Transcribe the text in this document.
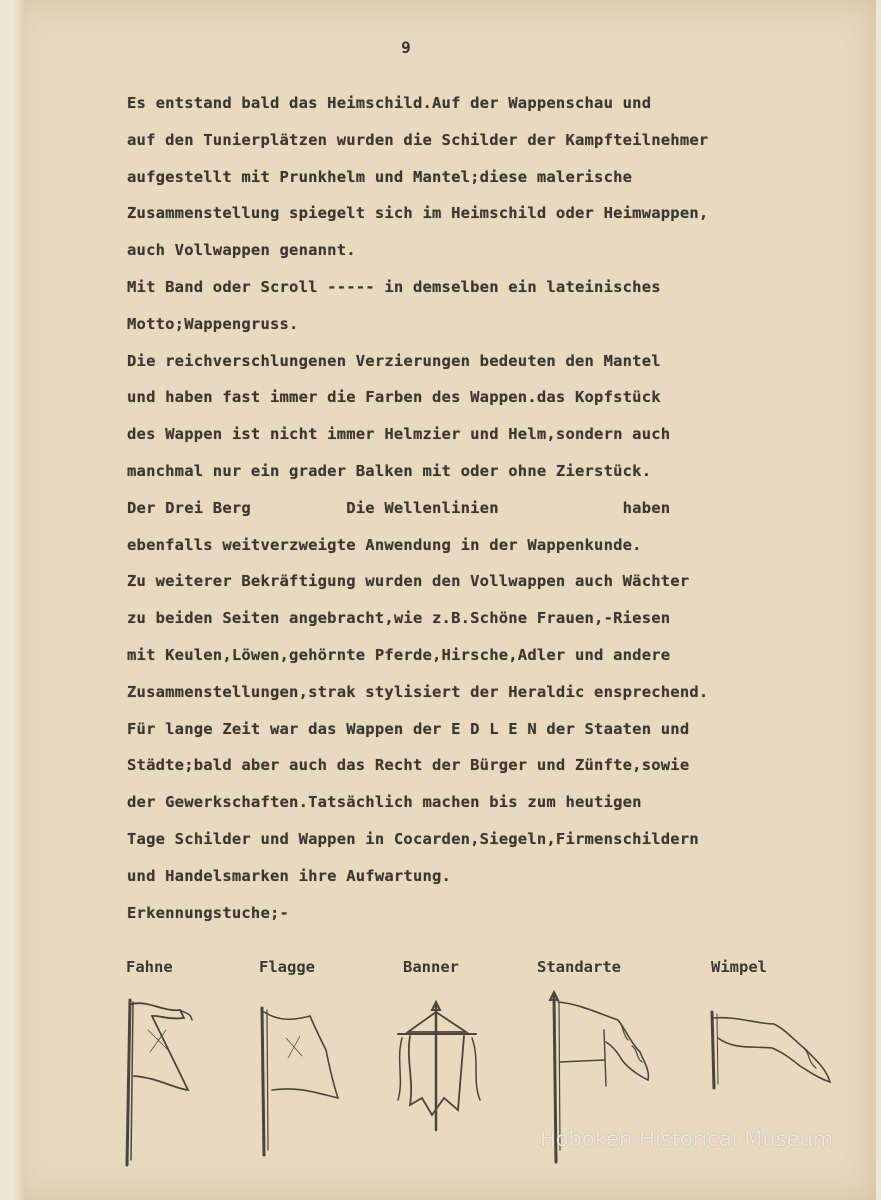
9
Es entstand bald das Heimschild.Auf der Wappenschau und
auf den Tunierplätzen wurden die Schilder der Kampfteilnehmer
aufgestellt mit Prunkhelm und Mantel;diese malerische
Zusammenstellung spiegelt sich im Heimschild oder Heimwappen,
auch Vollwappen genannt.
Mit Band oder Scroll ----- in demselben ein lateinisches
Motto;Wappengruss.
Die reichverschlungenen Verzierungen bedeuten den Mantel
und haben fast immer die Farben des Wappen.das Kopfstück
des Wappen ist nicht immer Helmzier und Helm,sondern auch
manchmal nur ein grader Balken mit oder ohne Zierstück.
Der Drei Berg          Die Wellenlinien             haben
ebenfalls weitverzweigte Anwendung in der Wappenkunde.
Zu weiterer Bekräftigung wurden den Vollwappen auch Wächter
zu beiden Seiten angebracht,wie z.B.Schöne Frauen,-Riesen
mit Keulen,Löwen,gehörnte Pferde,Hirsche,Adler und andere
Zusammenstellungen,strak stylisiert der Heraldic ensprechend.
Für lange Zeit war das Wappen der E D L E N der Staaten und
Städte;bald aber auch das Recht der Bürger und Zünfte,sowie
der Gewerkschaften.Tatsächlich machen bis zum heutigen
Tage Schilder und Wappen in Cocarden,Siegeln,Firmenschildern
und Handelsmarken ihre Aufwartung.
Erkennungstuche;-
Fahne	Flagge	Banner	Standarte	Wimpel
Hoboken Historical Museum
